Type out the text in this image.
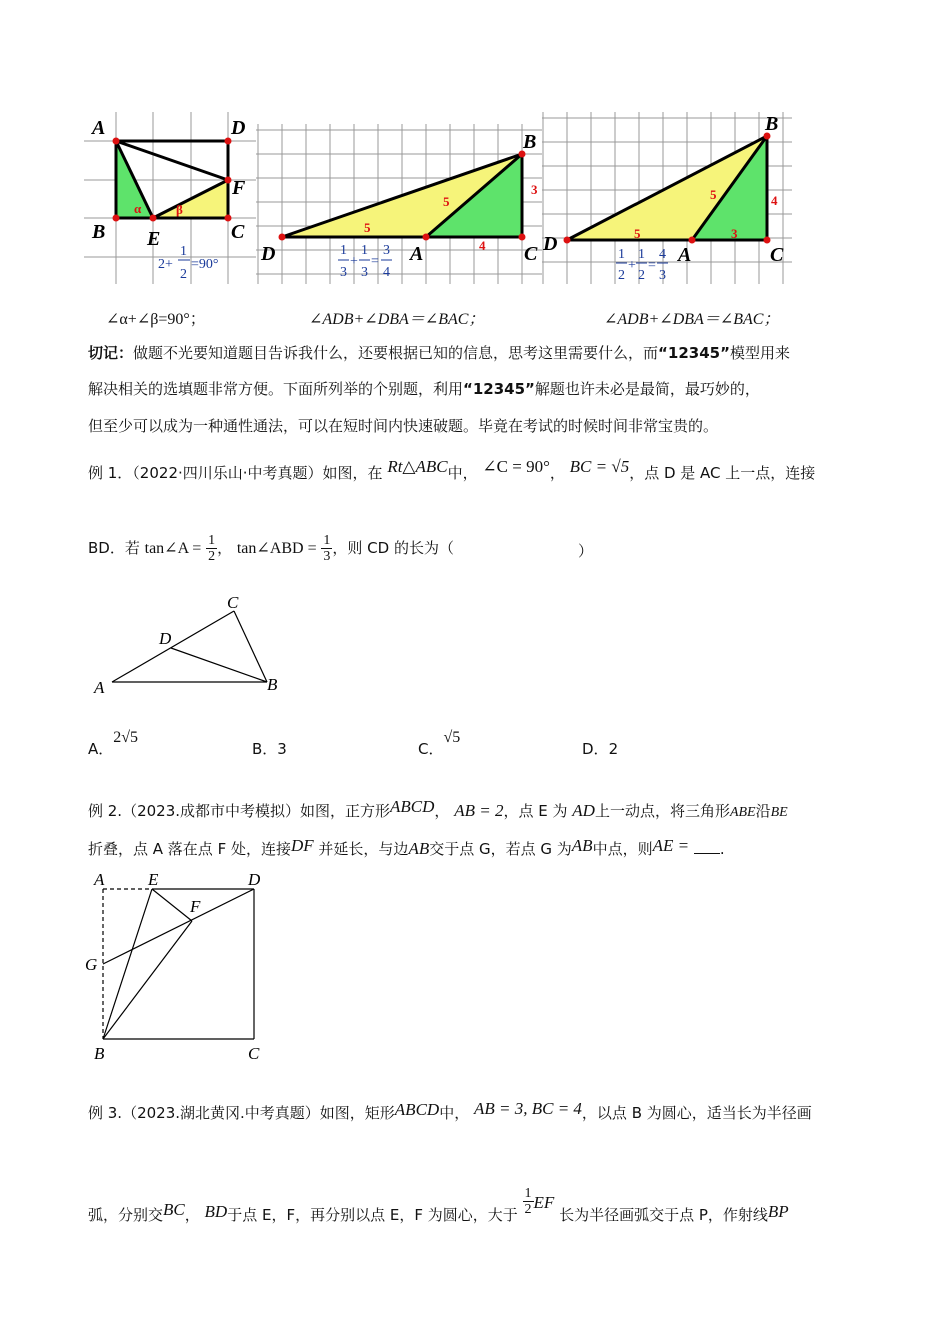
A	D
F
B E	C
α	β
2+
1
2
=90°
B
D	A	C
5
5
3
4
1
3
+
1
3
=
3
4
B
D	A	C
5
5	4
3
1
2
+
1
2
=
4
3
∠α+∠β=90°；	∠ADB+∠DBA＝∠BAC；	∠ADB+∠DBA＝∠BAC；
切记：做题不光要知道题目告诉我什么，还要根据已知的信息，思考这里需要什么，而“12345”模型用来
解决相关的选填题非常方便。下面所列举的个别题，利用“12345”解题也许未必是最简，最巧妙的，
但至少可以成为一种通性通法，可以在短时间内快速破题。毕竟在考试的时候时间非常宝贵的。
例 1．（2022·四川乐山·中考真题）如图，在 Rt△ABC中， ∠C = 90°， BC = √5，点 D 是 AC 上一点，连接
BD．若 tan∠A = $\frac{1}{2}$ ， tan∠ABD = $\frac{1}{3}$ ，则 CD 的长为（	）
C
D
A	B
A．2√5
B．3	C．√5
D．2
例 2.（2023.成都市中考模拟）如图，正方形ABCD， AB = 2，点 E 为 AD上一动点，将三角形ABE沿BE
折叠，点 A 落在点 F 处，连接DF 并延长，与边AB交于点 G，若点 G 为AB中点，则AE = .
A	E	D
F
G
B	C
例 3.（2023.湖北黄冈.中考真题）如图，矩形ABCD中， AB = 3, BC = 4，以点 B 为圆心，适当长为半径画
弧，分别交BC， BD于点 E，F，再分别以点 E，F 为圆心，大于 $\frac{1}{2}$ EF 长为半径画弧交于点 P，作射线BP
